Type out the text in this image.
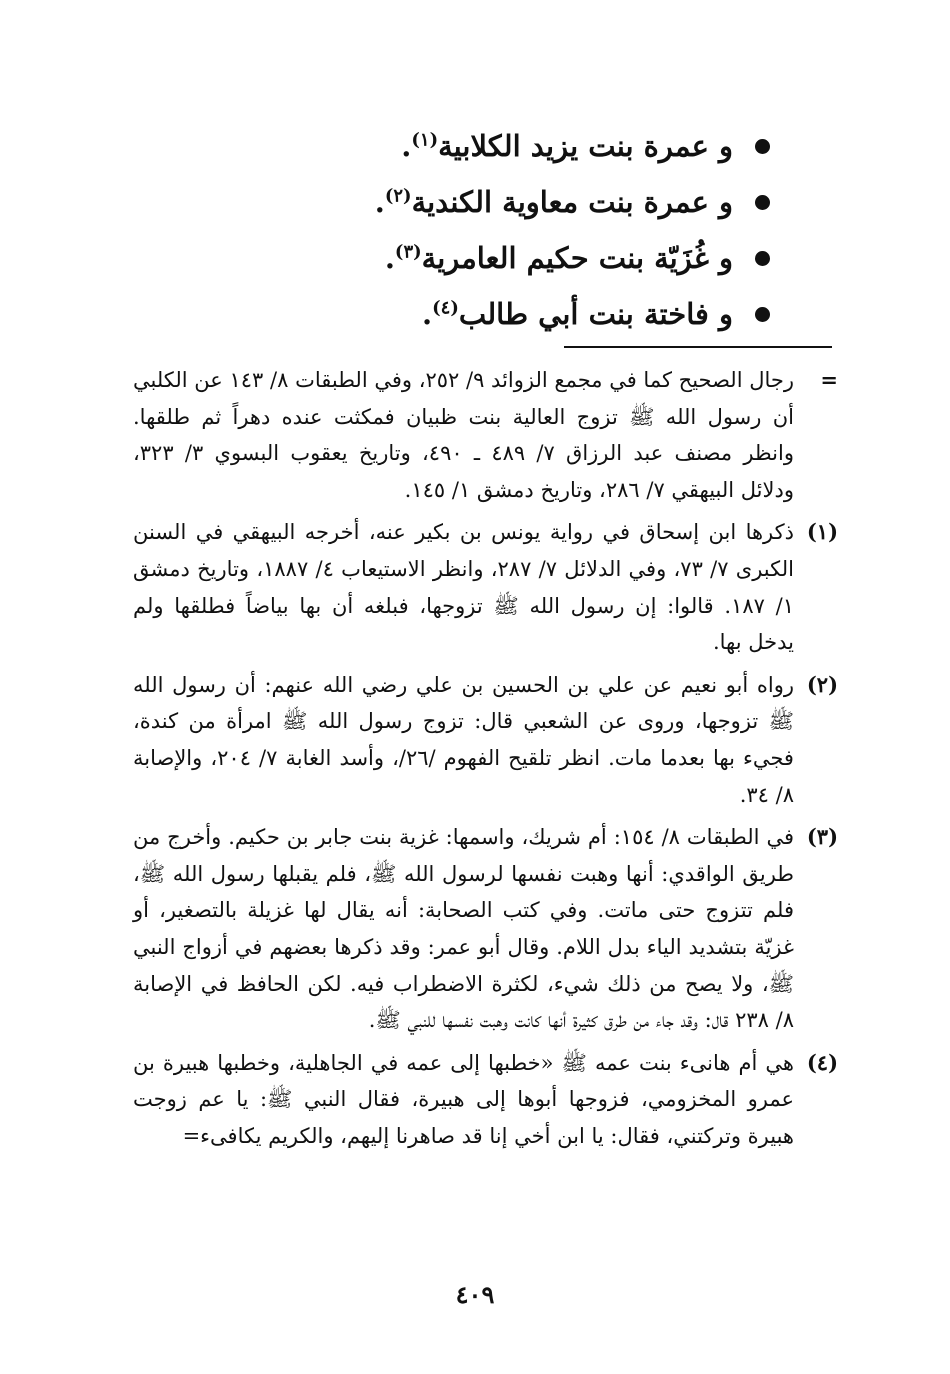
و عمرة بنت يزيد الكلابية$^{(١)}$.
و عمرة بنت معاوية الكندية$^{(٢)}$.
و غُزَيّة بنت حكيم العامرية$^{(٣)}$.
و فاختة بنت أبي طالب$^{(٤)}$.
=
رجال الصحيح كما في مجمع الزوائد ٩/ ٢٥٢، وفي الطبقات ٨/ ١٤٣ عن الكلبي أن رسول الله ﷺ تزوج العالية بنت ظبيان فمكثت عنده دهراً ثم طلقها. وانظر مصنف عبد الرزاق ٧/ ٤٨٩ ـ ٤٩٠، وتاريخ يعقوب البسوي ٣/ ٣٢٣، ودلائل البيهقي ٧/ ٢٨٦، وتاريخ دمشق ١/ ١٤٥.
(١)
ذكرها ابن إسحاق في رواية يونس بن بكير عنه، أخرجه البيهقي في السنن الكبرى ٧/ ٧٣، وفي الدلائل ٧/ ٢٨٧، وانظر الاستيعاب ٤/ ١٨٨٧، وتاريخ دمشق ١/ ١٨٧. قالوا: إن رسول الله ﷺ تزوجها، فبلغه أن بها بياضاً فطلقها ولم يدخل بها.
(٢)
رواه أبو نعيم عن علي بن الحسين بن علي رضي الله عنهم: أن رسول الله ﷺ تزوجها، وروى عن الشعبي قال: تزوج رسول الله ﷺ امرأة من كندة، فجيء بها بعدما مات. انظر تلقيح الفهوم /٢٦/، وأسد الغابة ٧/ ٢٠٤، والإصابة ٨/ ٣٤.
(٣)
في الطبقات ٨/ ١٥٤: أم شريك، واسمها: غزية بنت جابر بن حكيم. وأخرج من طريق الواقدي: أنها وهبت نفسها لرسول الله ﷺ، فلم يقبلها رسول الله ﷺ، فلم تتزوج حتى ماتت. وفي كتب الصحابة: أنه يقال لها غزيلة بالتصغير، أو غزيّة بتشديد الياء بدل اللام. وقال أبو عمر: وقد ذكرها بعضهم في أزواج النبي ﷺ، ولا يصح من ذلك شيء، لكثرة الاضطراب فيه. لكن الحافظ في الإصابة ٨/ ٢٣٨ قال: وقد جاء من طرق كثيرة أنها كانت وهبت نفسها للنبي ﷺ.
(٤)
هي أم هانىء بنت عمه ﷺ «خطبها إلى عمه في الجاهلية، وخطبها هبيرة بن عمرو المخزومي، فزوجها أبوها إلى هبيرة، فقال النبي ﷺ: يا عم زوجت هبيرة وتركتني، فقال: يا ابن أخي إنا قد صاهرنا إليهم، والكريم يكافىء=
٤٠٩
